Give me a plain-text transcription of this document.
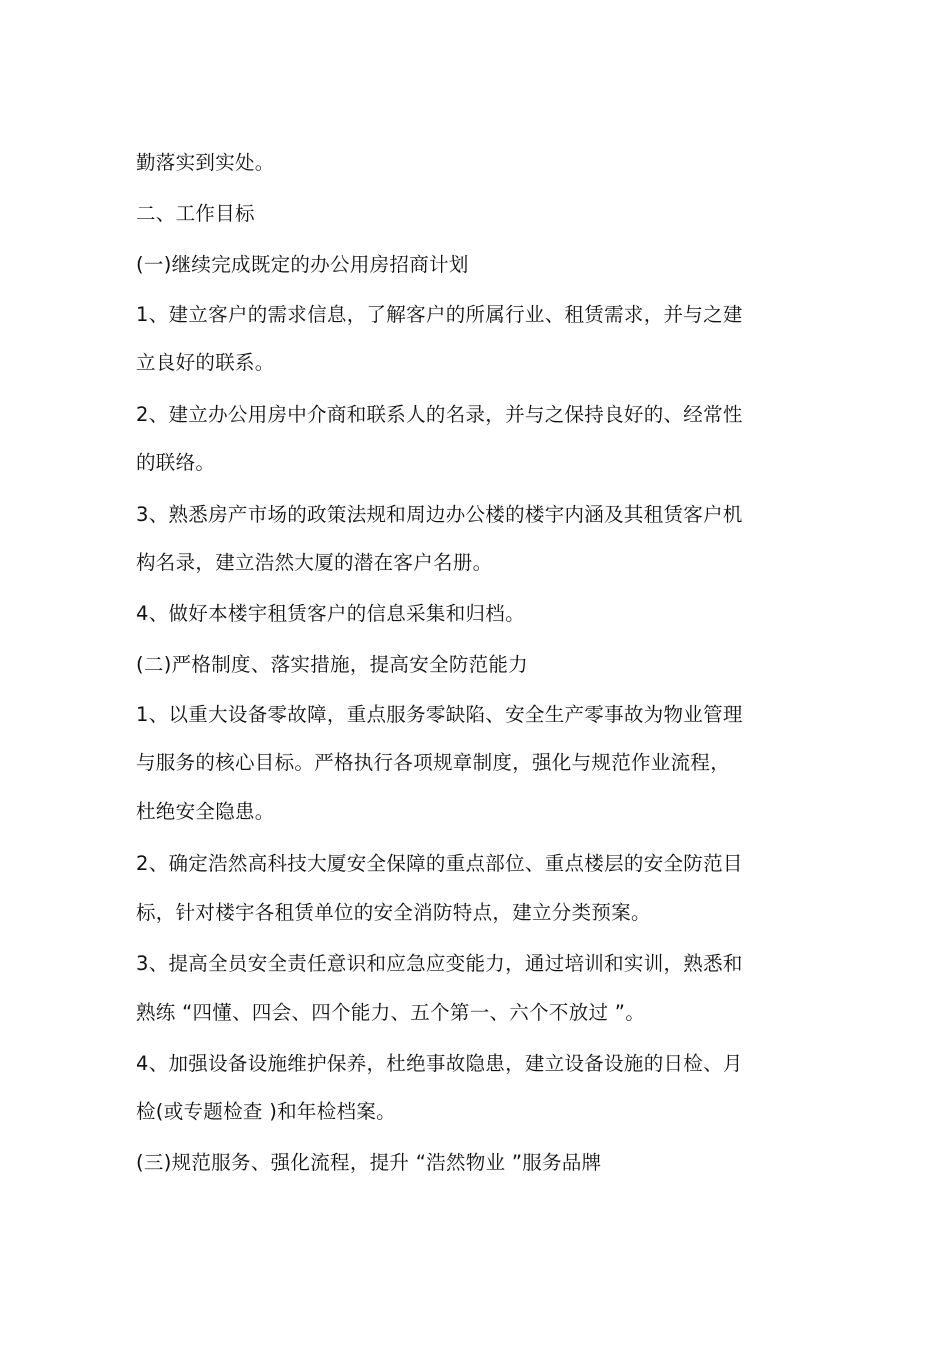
勤落实到实处。
二、工作目标
(一)继续完成既定的办公用房招商计划
1、建立客户的需求信息，了解客户的所属行业、租赁需求，并与之建
立良好的联系。
2、建立办公用房中介商和联系人的名录，并与之保持良好的、经常性
的联络。
3、熟悉房产市场的政策法规和周边办公楼的楼宇内涵及其租赁客户机
构名录，建立浩然大厦的潜在客户名册。
4、做好本楼宇租赁客户的信息采集和归档。
(二)严格制度、落实措施，提高安全防范能力
1、以重大设备零故障，重点服务零缺陷、安全生产零事故为物业管理
与服务的核心目标。严格执行各项规章制度，强化与规范作业流程，
杜绝安全隐患。
2、确定浩然高科技大厦安全保障的重点部位、重点楼层的安全防范目
标，针对楼宇各租赁单位的安全消防特点，建立分类预案。
3、提高全员安全责任意识和应急应变能力，通过培训和实训，熟悉和
熟练 “四懂、四会、四个能力、五个第一、六个不放过 ”。
4、加强设备设施维护保养，杜绝事故隐患，建立设备设施的日检、月
检(或专题检查 )和年检档案。
(三)规范服务、强化流程，提升 “浩然物业 ”服务品牌
